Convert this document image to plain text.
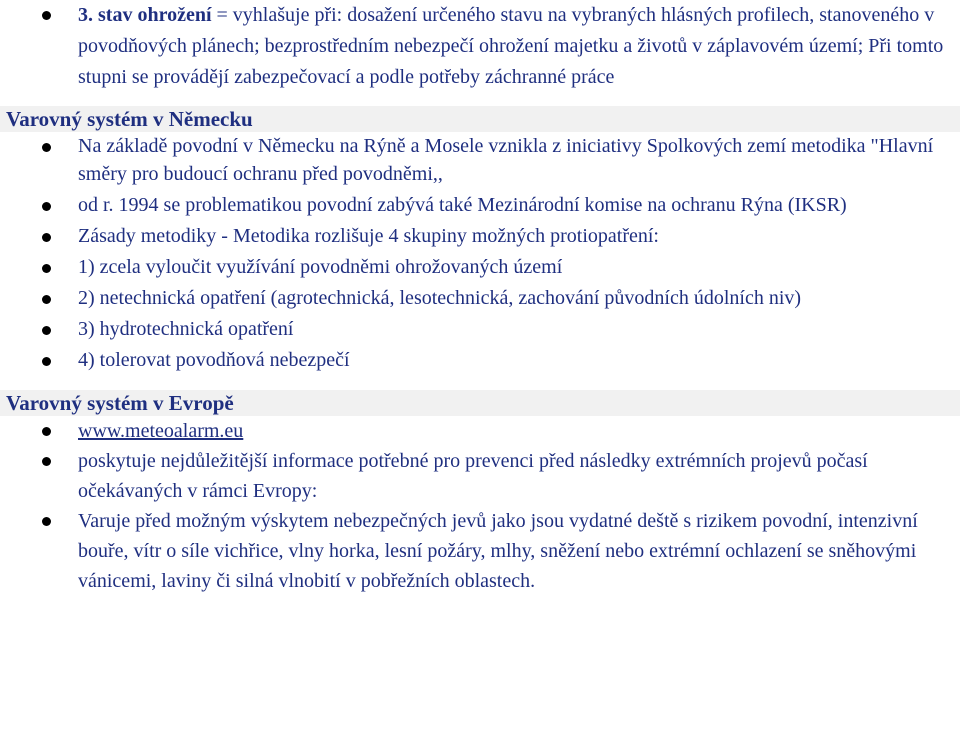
3. stav ohrožení = vyhlašuje při: dosažení určeného stavu na vybraných hlásných profilech, stanoveného v povodňových plánech; bezprostředním nebezpečí ohrožení majetku a životů v záplavovém území; Při tomto stupni se provádějí zabezpečovací a podle potřeby záchranné práce
Varovný systém v Německu
Na základě povodní v Německu na Rýně a Mosele vznikla z iniciativy Spolkových zemí metodika "Hlavní směry pro budoucí ochranu před povodněmi,,
od r. 1994 se problematikou povodní zabývá také Mezinárodní komise na ochranu Rýna (IKSR)
Zásady metodiky - Metodika rozlišuje 4 skupiny možných protiopatření:
1) zcela vyloučit využívání povodněmi ohrožovaných území
2) netechnická opatření (agrotechnická, lesotechnická, zachování původních údolních niv)
3) hydrotechnická opatření
4) tolerovat povodňová nebezpečí
Varovný systém v Evropě
www.meteoalarm.eu
poskytuje nejdůležitější informace potřebné pro prevenci před následky extrémních projevů počasí očekávaných v rámci Evropy:
Varuje před možným výskytem nebezpečných jevů jako jsou vydatné deště s rizikem povodní, intenzivní bouře, vítr o síle vichřice, vlny horka, lesní požáry, mlhy, sněžení nebo extrémní ochlazení se sněhovými vánicemi, laviny či silná vlnobití v pobřežních oblastech.
